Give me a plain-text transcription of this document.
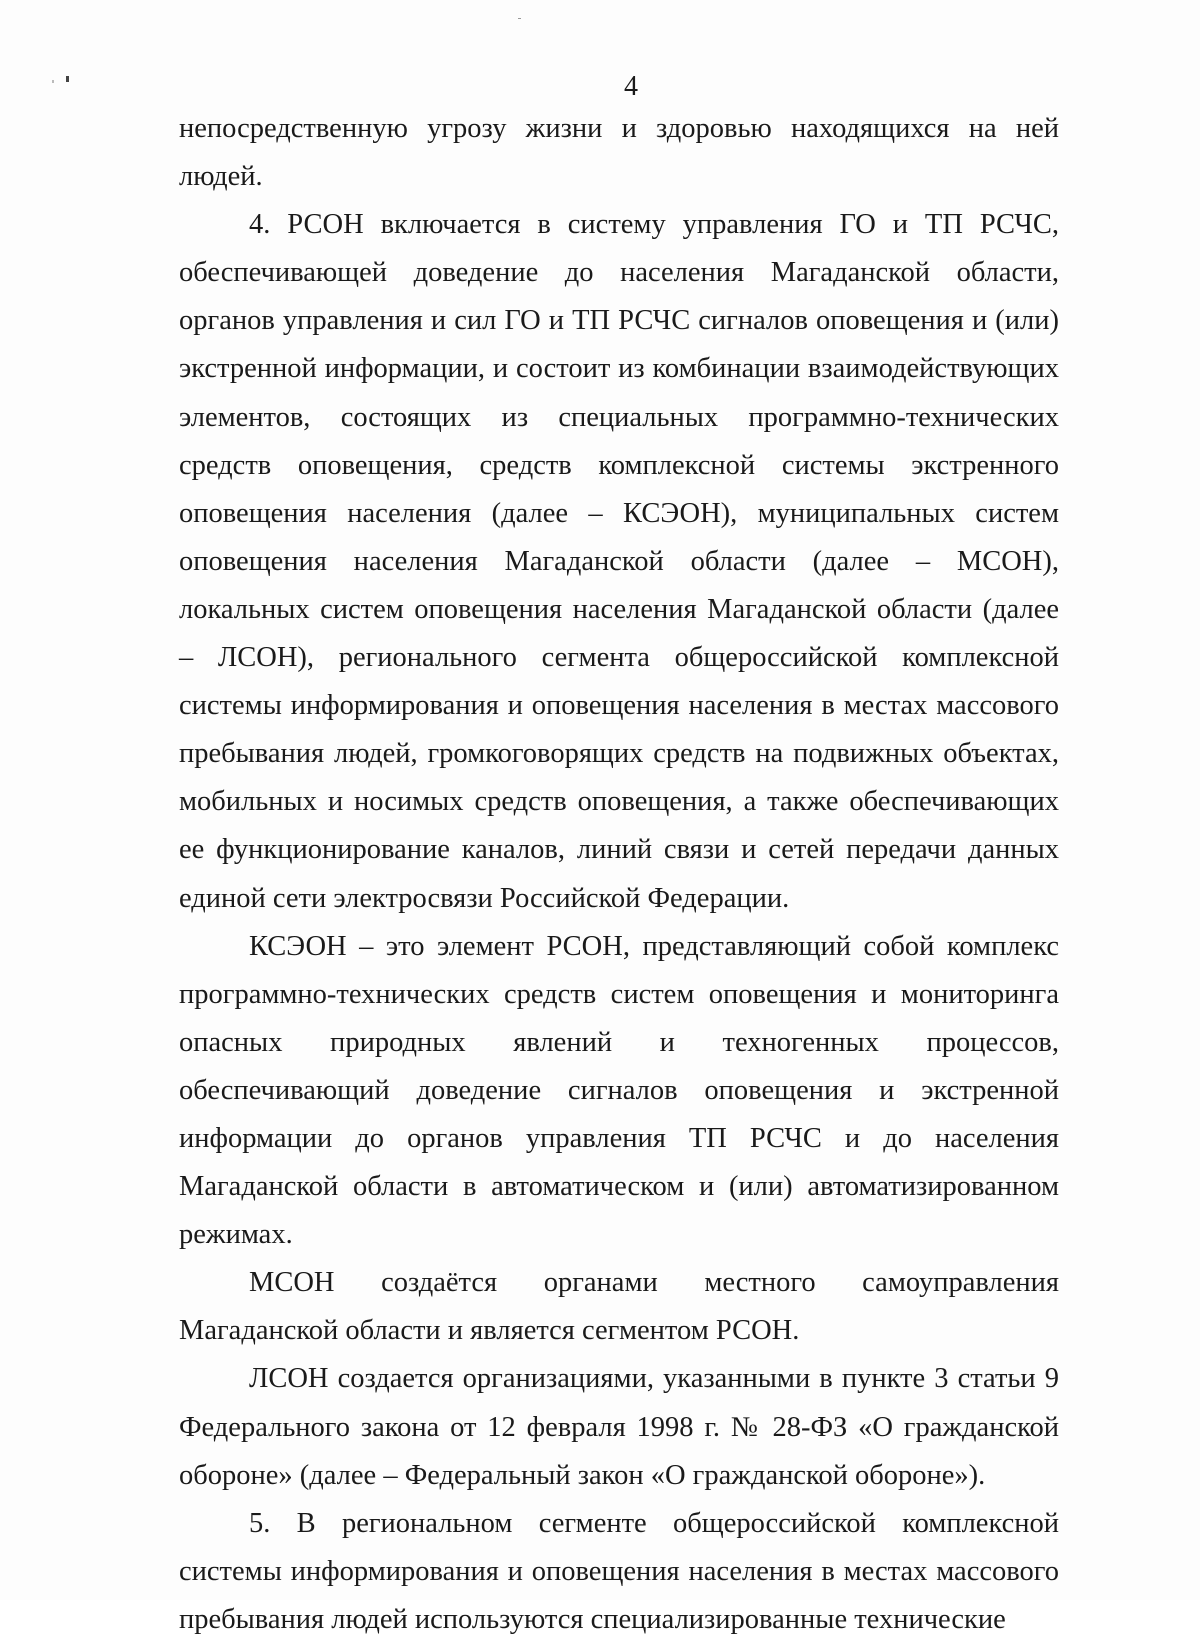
4

непосредственную угрозу жизни и здоровью находящихся на ней людей.

4. РСОН включается в систему управления ГО и ТП РСЧС, обеспечивающей доведение до населения Магаданской области, органов управления и сил ГО и ТП РСЧС сигналов оповещения и (или) экстренной информации, и состоит из комбинации взаимодействующих элементов, состоящих из специальных программно-технических средств оповещения, средств комплексной системы экстренного оповещения населения (далее – КСЭОН), муниципальных систем оповещения населения Магаданской области (далее – МСОН), локальных систем оповещения населения Магаданской области (далее – ЛСОН), регионального сегмента общероссийской комплексной системы информирования и оповещения населения в местах массового пребывания людей, громкоговорящих средств на подвижных объектах, мобильных и носимых средств оповещения, а также обеспечивающих ее функционирование каналов, линий связи и сетей передачи данных единой сети электросвязи Российской Федерации.

КСЭОН – это элемент РСОН, представляющий собой комплекс программно-технических средств систем оповещения и мониторинга опасных природных явлений и техногенных процессов, обеспечивающий доведение сигналов оповещения и экстренной информации до органов управления ТП РСЧС и до населения Магаданской области в автоматическом и (или) автоматизированном режимах.

МСОН создаётся органами местного самоуправления Магаданской области и является сегментом РСОН.

ЛСОН создается организациями, указанными в пункте 3 статьи 9 Федерального закона от 12 февраля 1998 г. № 28-ФЗ «О гражданской обороне» (далее – Федеральный закон «О гражданской обороне»).

5. В региональном сегменте общероссийской комплексной системы информирования и оповещения населения в местах массового пребывания людей используются специализированные технические
